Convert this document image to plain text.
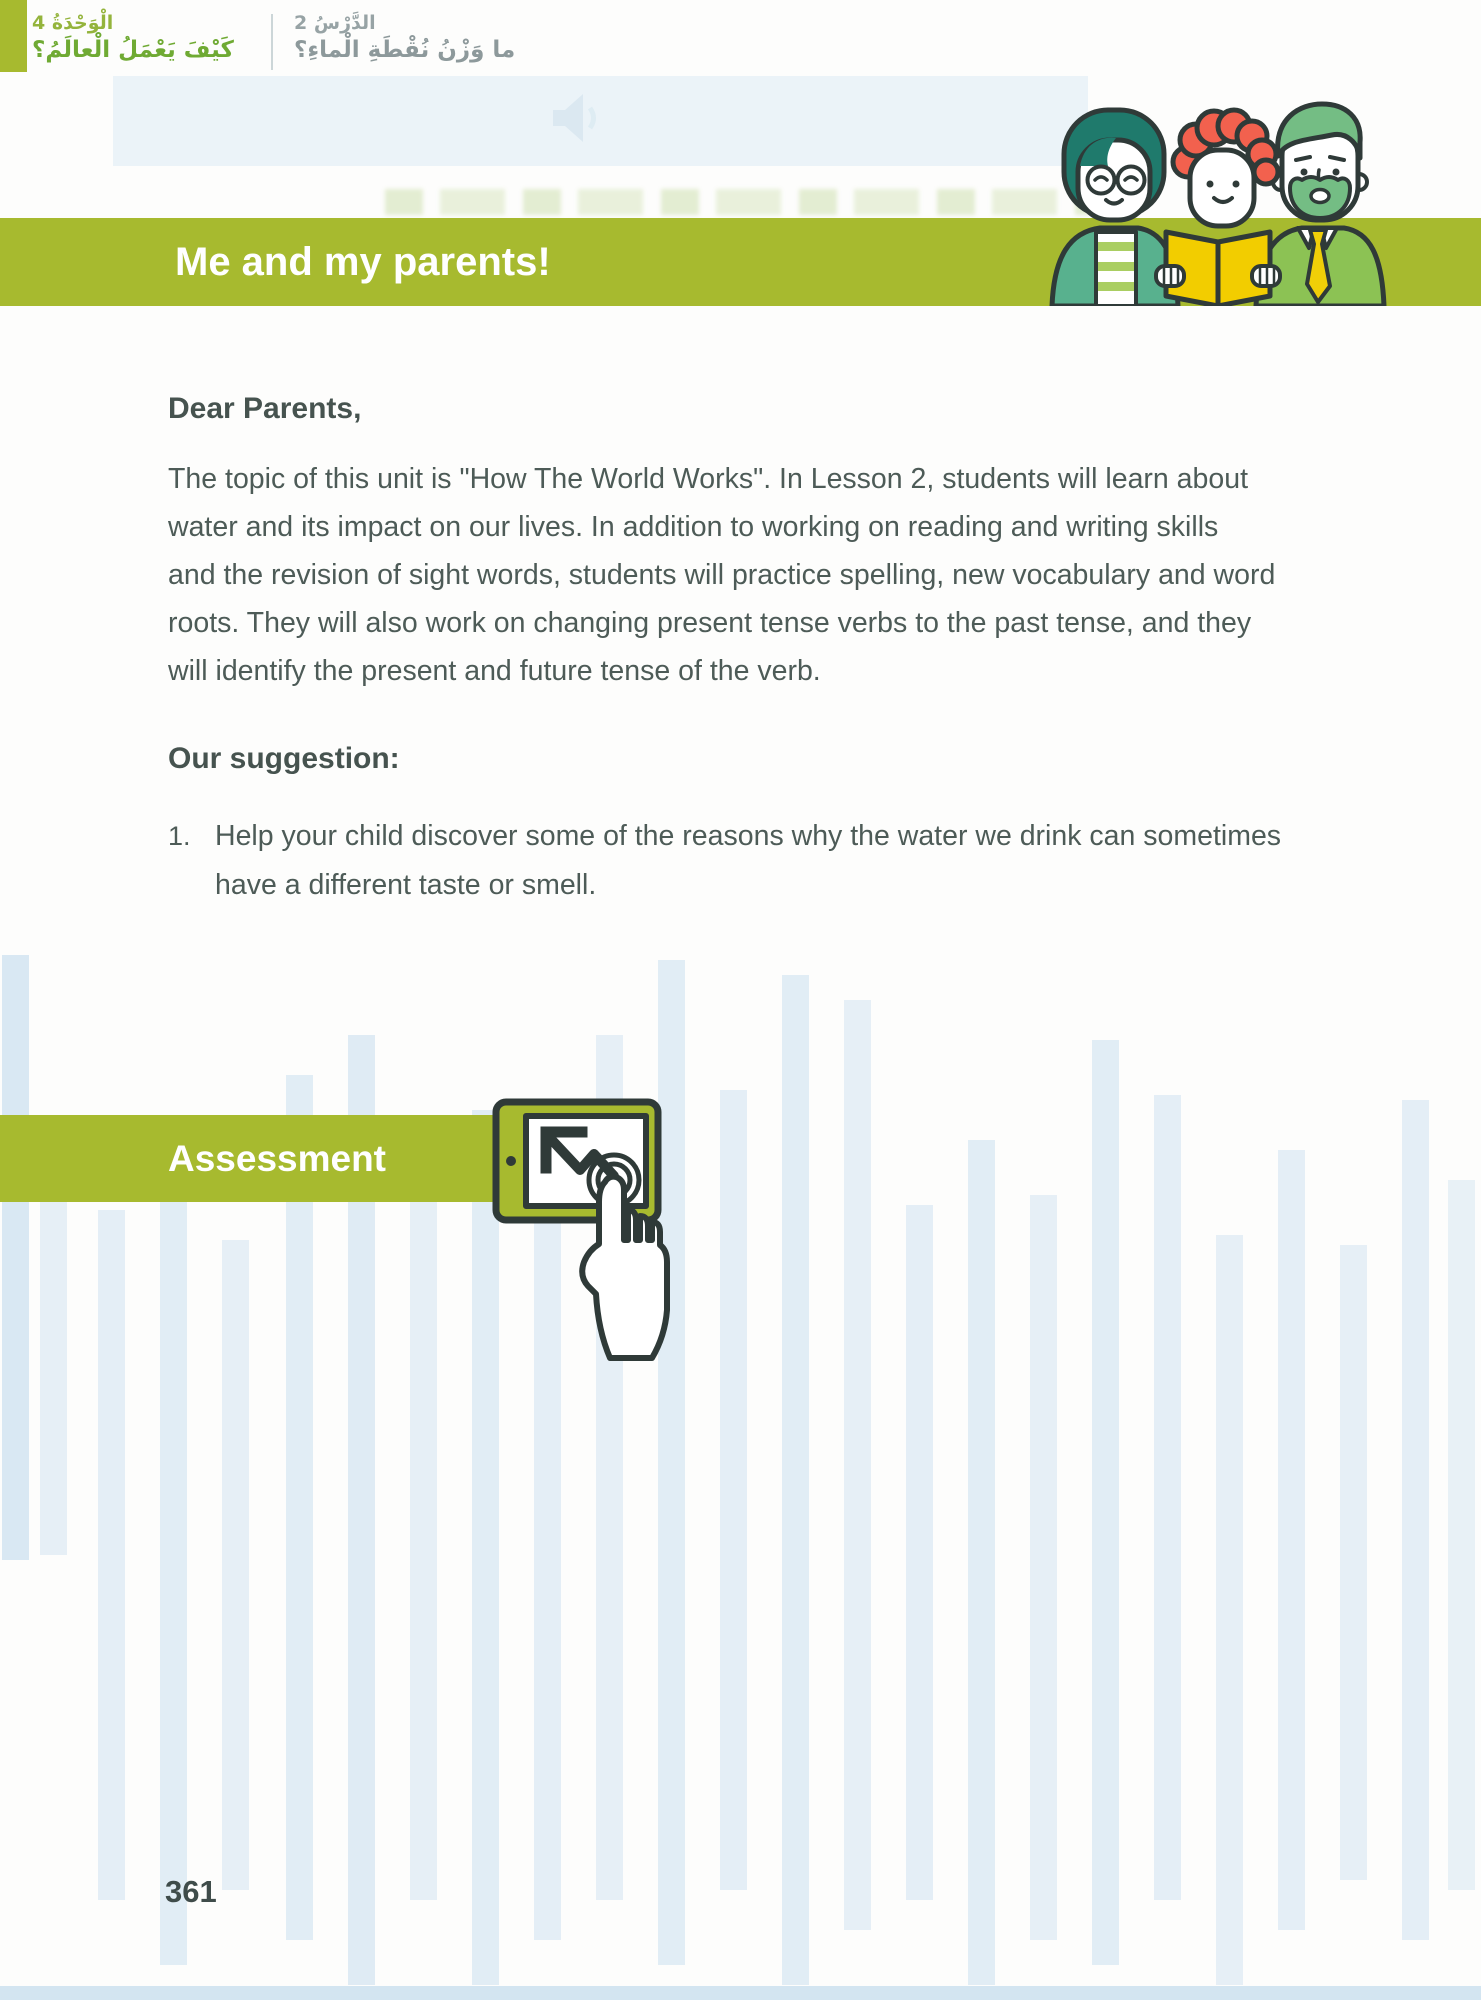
الْوَحْدَةُ 4
كَيْفَ يَعْمَلُ الْعالَمُ؟
الدَّرْسُ 2
ما وَزْنُ نُقْطَةِ الْماءِ؟
Me and my parents!
Dear Parents,
The topic of this unit is "How The World Works". In Lesson 2, students will learn about
water and its impact on our lives. In addition to working on reading and writing skills
and the revision of sight words, students will practice spelling, new vocabulary and word
roots. They will also work on changing present tense verbs to the past tense, and they
will identify the present and future tense of the verb.
Our suggestion:
1. Help your child discover some of the reasons why the water we drink can sometimes
have a different taste or smell.
Assessment
361
